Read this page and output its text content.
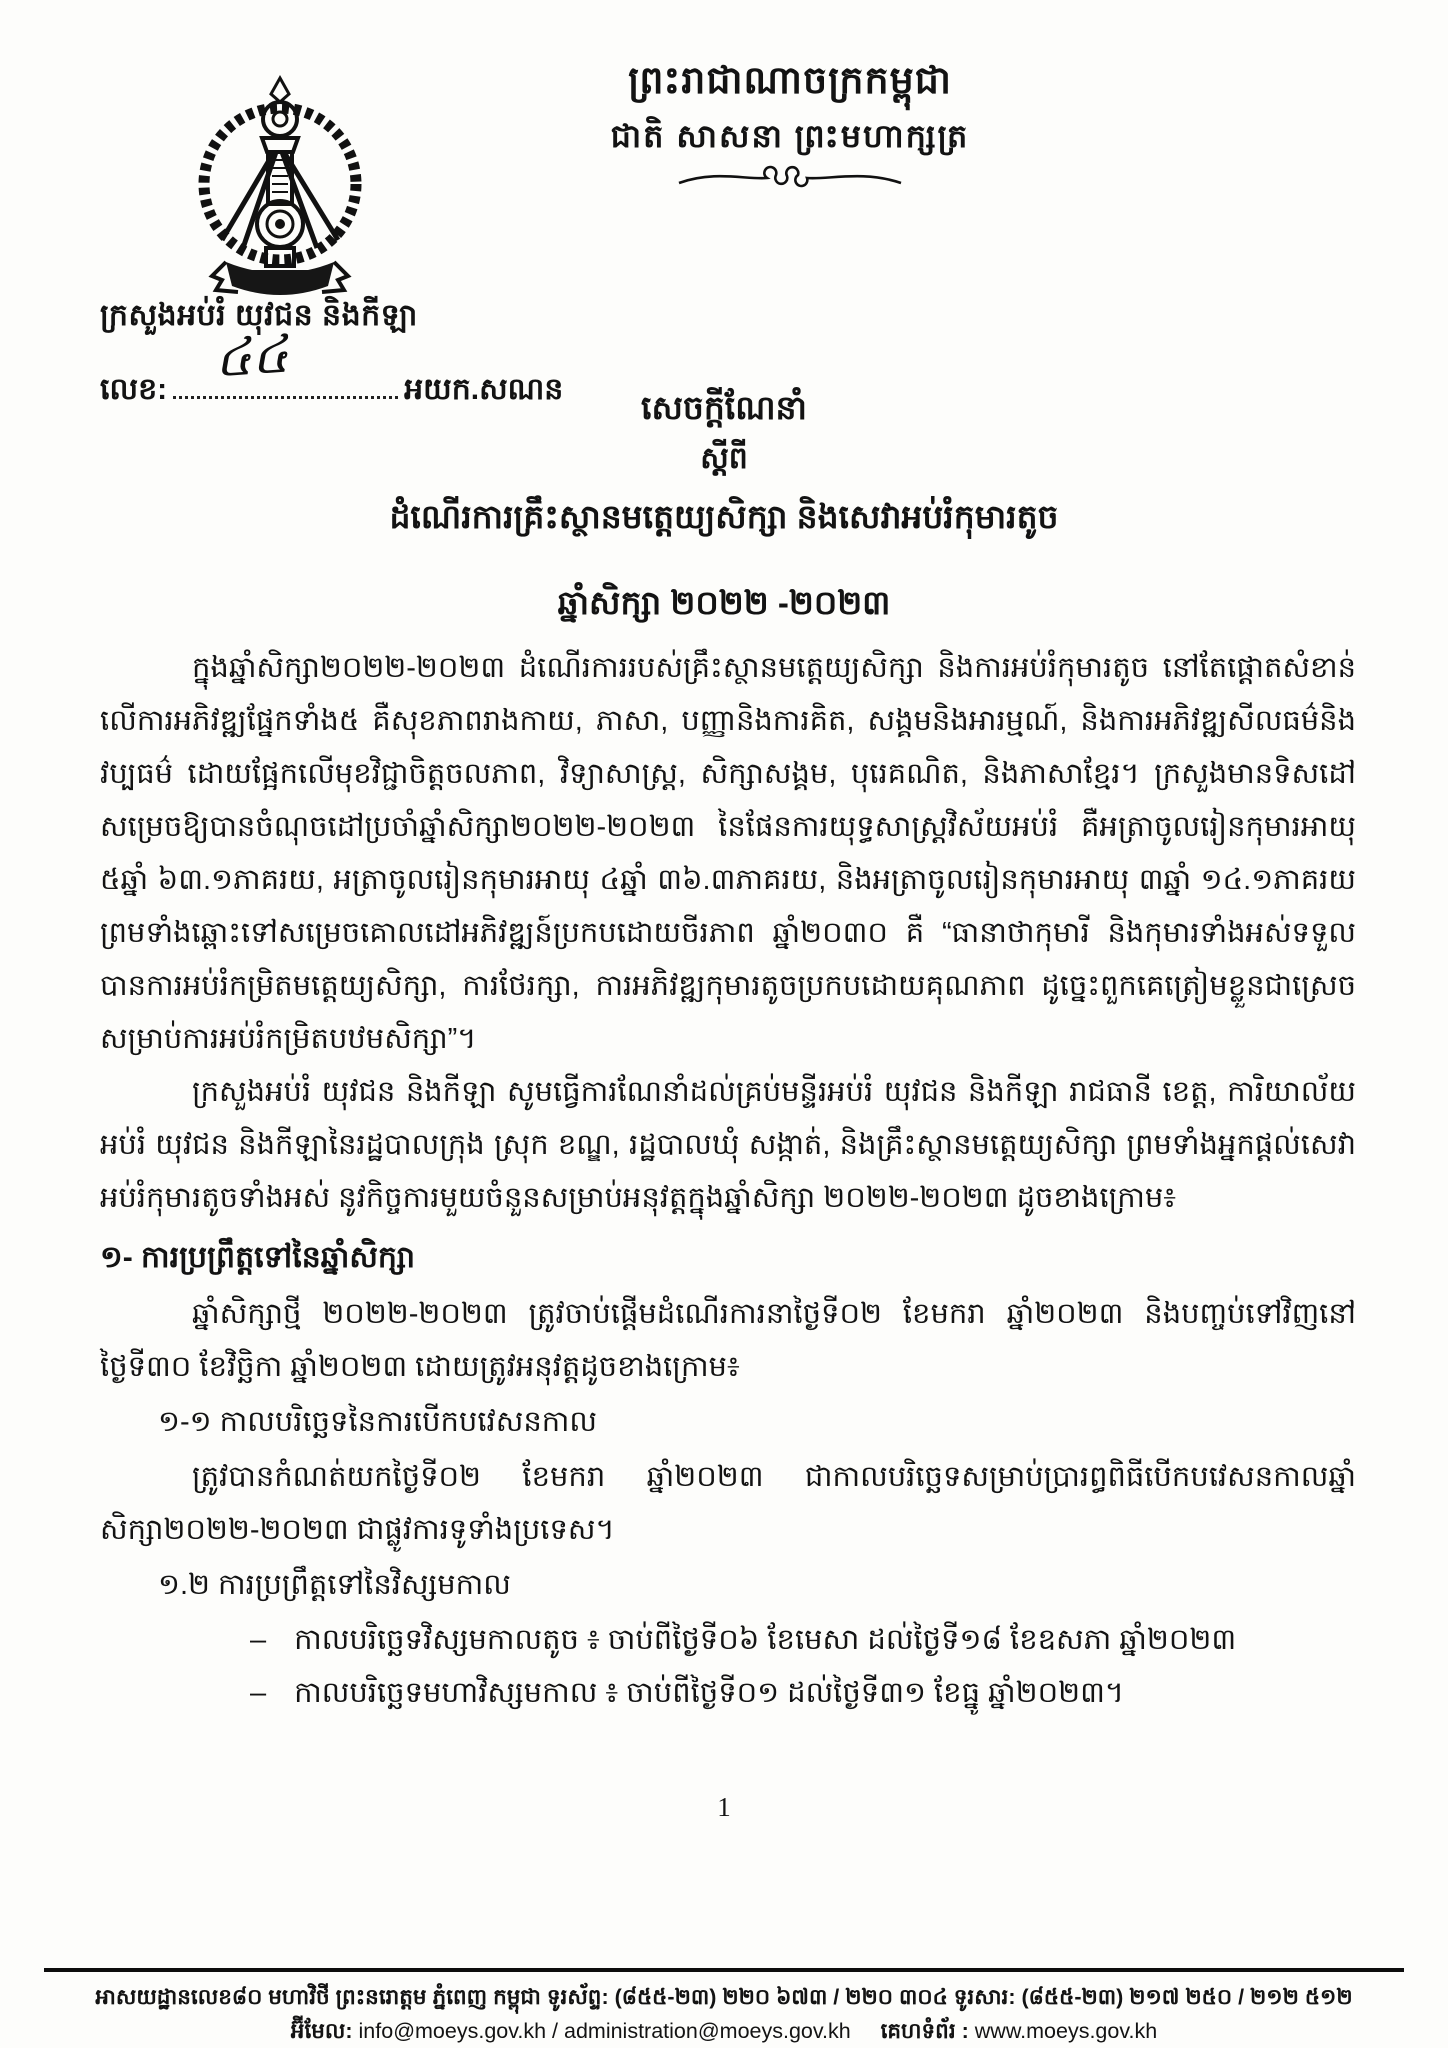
ព្រះរាជាណាចក្រកម្ពុជា
ជាតិ សាសនា ព្រះមហាក្សត្រ
ក្រសួងអប់រំ យុវជន និងកីឡា
លេខ: ៤៤	អយក.សណន	សេចក្តីណែនាំ
ស្តីពី
ដំណើរការគ្រឹះស្ថានមត្តេយ្យសិក្សា និងសេវាអប់រំកុមារតូច
ឆ្នាំសិក្សា ២០២២ -២០២៣

ក្នុងឆ្នាំសិក្សា២០២២-២០២៣ ដំណើរការរបស់គ្រឹះស្ថានមត្តេយ្យសិក្សា និងការអប់រំកុមារតូច នៅតែផ្តោតសំខាន់លើការអភិវឌ្ឍផ្នែកទាំង៥ គឺសុខភាពរាងកាយ, ភាសា, បញ្ញានិងការគិត, សង្គមនិងអារម្មណ៍, និងការអភិវឌ្ឍសីលធម៌និងវប្បធម៌ ដោយផ្អែកលើមុខវិជ្ជាចិត្តចលភាព, វិទ្យាសាស្ត្រ, សិក្សាសង្គម, បុរេគណិត, និងភាសាខ្មែរ។ ក្រសួងមានទិសដៅសម្រេចឱ្យបានចំណុចដៅប្រចាំឆ្នាំសិក្សា២០២២-២០២៣ នៃផែនការយុទ្ធសាស្ត្រវិស័យអប់រំ គឺអត្រាចូលរៀនកុមារអាយុ ៥ឆ្នាំ ៦៣.១ភាគរយ, អត្រាចូលរៀនកុមារអាយុ ៤ឆ្នាំ ៣៦.៣ភាគរយ, និងអត្រាចូលរៀនកុមារអាយុ ៣ឆ្នាំ ១៤.១ភាគរយ ព្រមទាំងឆ្ពោះទៅសម្រេចគោលដៅអភិវឌ្ឍន៍ប្រកបដោយចីរភាព ឆ្នាំ២០៣០ គឺ “ធានាថាកុមារី និងកុមារទាំងអស់ទទួលបានការអប់រំកម្រិតមត្តេយ្យសិក្សា, ការថែរក្សា, ការអភិវឌ្ឍកុមារតូចប្រកបដោយគុណភាព ដូច្នេះពួកគេត្រៀមខ្លួនជាស្រេចសម្រាប់ការអប់រំកម្រិតបឋមសិក្សា”។

ក្រសួងអប់រំ យុវជន និងកីឡា សូមធ្វើការណែនាំដល់គ្រប់មន្ទីរអប់រំ យុវជន និងកីឡា រាជធានី ខេត្ត, ការិយាល័យអប់រំ យុវជន និងកីឡានៃរដ្ឋបាលក្រុង ស្រុក ខណ្ឌ, រដ្ឋបាលឃុំ សង្កាត់, និងគ្រឹះស្ថានមត្តេយ្យសិក្សា ព្រមទាំងអ្នកផ្តល់សេវាអប់រំកុមារតូចទាំងអស់ នូវកិច្ចការមួយចំនួនសម្រាប់អនុវត្តក្នុងឆ្នាំសិក្សា ២០២២-២០២៣ ដូចខាងក្រោម៖

១- ការប្រព្រឹត្តទៅនៃឆ្នាំសិក្សា

ឆ្នាំសិក្សាថ្មី ២០២២-២០២៣ ត្រូវចាប់ផ្តើមដំណើរការនាថ្ងៃទី០២ ខែមករា ឆ្នាំ២០២៣ និងបញ្ចប់ទៅវិញនៅថ្ងៃទី៣០ ខែវិច្ឆិកា ឆ្នាំ២០២៣ ដោយត្រូវអនុវត្តដូចខាងក្រោម៖

១-១ កាលបរិច្ឆេទនៃការបើកបវេសនកាល

ត្រូវបានកំណត់យកថ្ងៃទី០២ ខែមករា ឆ្នាំ២០២៣ ជាកាលបរិច្ឆេទសម្រាប់ប្រារព្ធពិធីបើកបវេសនកាលឆ្នាំសិក្សា២០២២-២០២៣ ជាផ្លូវការទូទាំងប្រទេស។

១.២ ការប្រព្រឹត្តទៅនៃវិស្សមកាល
– កាលបរិច្ឆេទវិស្សមកាលតូច ៖ ចាប់ពីថ្ងៃទី០៦ ខែមេសា ដល់ថ្ងៃទី១៨ ខែឧសភា ឆ្នាំ២០២៣
– កាលបរិច្ឆេទមហាវិស្សមកាល ៖ ចាប់ពីថ្ងៃទី០១ ដល់ថ្ងៃទី៣១ ខែធ្នូ ឆ្នាំ២០២៣។
1
អាសយដ្ឋានលេខ៨០ មហាវិថី ព្រះនរោត្តម ភ្នំពេញ កម្ពុជា ទូរស័ព្ទ: (៨៥៥-២៣) ២២០ ៦៧៣ / ២២០ ៣០៤ ទូរសារ: (៨៥៥-២៣) ២១៧ ២៥០ / ២១២ ៥១២
អ៊ីមែល: info@moeys.gov.kh / administration@moeys.gov.kh គេហទំព័រ : www.moeys.gov.kh
